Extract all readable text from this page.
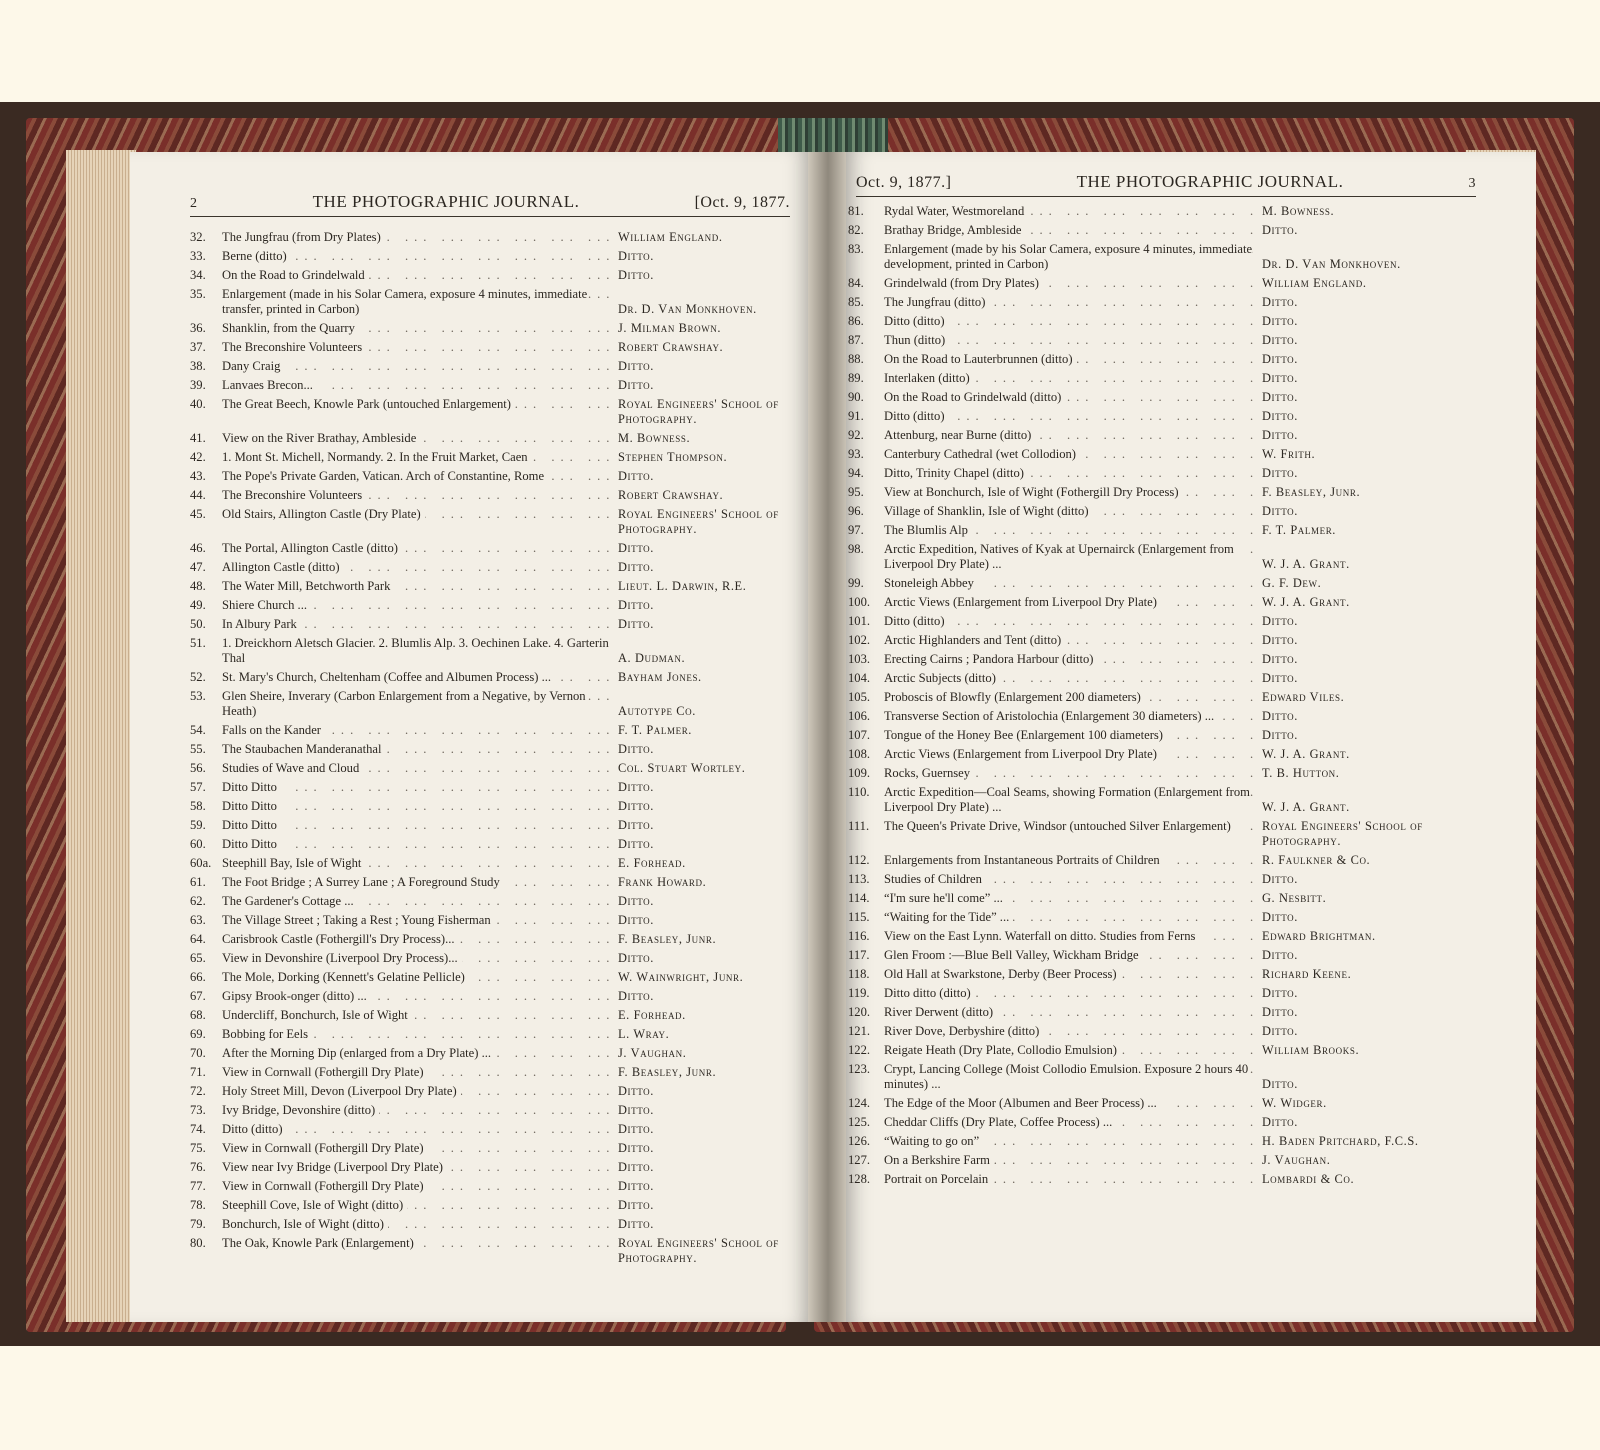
2	THE PHOTOGRAPHIC JOURNAL.	[Oct. 9, 1877.
32.	The Jungfrau (from Dry Plates) ... .	William England.
33.	Berne (ditto) ... .	Ditto.
34.	On the Road to Grindelwald ... .	Ditto.
35.	Enlargement (made in his Solar Camera, exposure 4 minutes, immediate transfer, printed in Carbon) ... .	Dr. D. Van Monkhoven.
36.	Shanklin, from the Quarry ... .	J. Milman Brown.
37.	The Breconshire Volunteers ... .	Robert Crawshay.
38.	Dany Craig ... .	Ditto.
39.	Lanvaes Brecon... ... .	Ditto.
40.	The Great Beech, Knowle Park (untouched Enlargement) ... .	Royal Engineers' School of Photography.
41.	View on the River Brathay, Ambleside ... .	M. Bowness.
42.	1. Mont St. Michell, Normandy. 2. In the Fruit Market, Caen ... .	Stephen Thompson.
43.	The Pope's Private Garden, Vatican. Arch of Constantine, Rome ... .	Ditto.
44.	The Breconshire Volunteers ... .	Robert Crawshay.
45.	Old Stairs, Allington Castle (Dry Plate) ... .	Royal Engineers' School of Photography.
46.	The Portal, Allington Castle (ditto) ... .	Ditto.
47.	Allington Castle (ditto) ... .	Ditto.
48.	The Water Mill, Betchworth Park ... .	Lieut. L. Darwin, R.E.
49.	Shiere Church ... ... .	Ditto.
50.	In Albury Park ... .	Ditto.
51.	1. Dreickhorn Aletsch Glacier. 2. Blumlis Alp. 3. Oechinen Lake. 4. Garterin Thal ... .	A. Dudman.
52.	St. Mary's Church, Cheltenham (Coffee and Albumen Process) ... ... .	Bayham Jones.
53.	Glen Sheire, Inverary (Carbon Enlargement from a Negative, by Vernon Heath) ... .	Autotype Co.
54.	Falls on the Kander ... .	F. T. Palmer.
55.	The Staubachen Manderanathal ... .	Ditto.
56.	Studies of Wave and Cloud ... .	Col. Stuart Wortley.
57.	Ditto Ditto ... .	Ditto.
58.	Ditto Ditto ... .	Ditto.
59.	Ditto Ditto ... .	Ditto.
60.	Ditto Ditto ... .	Ditto.
60a. Steephill Bay, Isle of Wight ... .	E. Forhead.
61.	The Foot Bridge ; A Surrey Lane ; A Foreground Study ... .	Frank Howard.
62.	The Gardener's Cottage ... ... .	Ditto.
63.	The Village Street ; Taking a Rest ; Young Fisherman ... .	Ditto.
64.	Carisbrook Castle (Fothergill's Dry Process)... ... .	F. Beasley, Junr.
65.	View in Devonshire (Liverpool Dry Process)... ... .	Ditto.
66.	The Mole, Dorking (Kennett's Gelatine Pellicle) ... .	W. Wainwright, Junr.
67.	Gipsy Brook-onger (ditto) ... ... .	Ditto.
68.	Undercliff, Bonchurch, Isle of Wight ... .	E. Forhead.
69.	Bobbing for Eels ... .	L. Wray.
70.	After the Morning Dip (enlarged from a Dry Plate) ... ... .	J. Vaughan.
71.	View in Cornwall (Fothergill Dry Plate) ... .	F. Beasley, Junr.
72.	Holy Street Mill, Devon (Liverpool Dry Plate) ... .	Ditto.
73.	Ivy Bridge, Devonshire (ditto) ... .	Ditto.
74.	Ditto (ditto) ... .	Ditto.
75.	View in Cornwall (Fothergill Dry Plate) ... .	Ditto.
76.	View near Ivy Bridge (Liverpool Dry Plate) ... .	Ditto.
77.	View in Cornwall (Fothergill Dry Plate) ... .	Ditto.
78.	Steephill Cove, Isle of Wight (ditto) ... .	Ditto.
79.	Bonchurch, Isle of Wight (ditto) ... .	Ditto.
80.	The Oak, Knowle Park (Enlargement) ... .	Royal Engineers' School of Photography.
Oct. 9, 1877.]	THE PHOTOGRAPHIC JOURNAL.	3
81.	Rydal Water, Westmoreland ... .	M. Bowness.
82.	Brathay Bridge, Ambleside ... .	Ditto.
83.	Enlargement (made by his Solar Camera, exposure 4 minutes, immediate development, printed in Carbon) ... .	Dr. D. Van Monkhoven.
84.	Grindelwald (from Dry Plates) ... .	William England.
85.	The Jungfrau (ditto) ... .	Ditto.
86.	Ditto (ditto) ... .	Ditto.
87.	Thun (ditto) ... .	Ditto.
88.	On the Road to Lauterbrunnen (ditto) ... .	Ditto.
89.	Interlaken (ditto) ... .	Ditto.
90.	On the Road to Grindelwald (ditto) ... .	Ditto.
91.	Ditto (ditto) ... .	Ditto.
92.	Attenburg, near Burne (ditto) ... .	Ditto.
93.	Canterbury Cathedral (wet Collodion) ... .	W. Frith.
94.	Ditto, Trinity Chapel (ditto) ... .	Ditto.
95.	View at Bonchurch, Isle of Wight (Fothergill Dry Process) ... .	F. Beasley, Junr.
96.	Village of Shanklin, Isle of Wight (ditto) ... .	Ditto.
97.	The Blumlis Alp ... .	F. T. Palmer.
98.	Arctic Expedition, Natives of Kyak at Upernairck (Enlargement from Liverpool Dry Plate) ... ... .	W. J. A. Grant.
99.	Stoneleigh Abbey ... .	G. F. Dew.
100.	Arctic Views (Enlargement from Liverpool Dry Plate) ... .	W. J. A. Grant.
101.	Ditto (ditto) ... .	Ditto.
102.	Arctic Highlanders and Tent (ditto) ... .	Ditto.
103.	Erecting Cairns ; Pandora Harbour (ditto) ... .	Ditto.
104.	Arctic Subjects (ditto) ... .	Ditto.
105.	Proboscis of Blowfly (Enlargement 200 diameters) ... .	Edward Viles.
106.	Transverse Section of Aristolochia (Enlargement 30 diameters) ... ... .	Ditto.
107.	Tongue of the Honey Bee (Enlargement 100 diameters) ... .	Ditto.
108.	Arctic Views (Enlargement from Liverpool Dry Plate) ... .	W. J. A. Grant.
109.	Rocks, Guernsey ... .	T. B. Hutton.
110.	Arctic Expedition—Coal Seams, showing Formation (Enlargement from Liverpool Dry Plate) ... ... .	W. J. A. Grant.
111.	The Queen's Private Drive, Windsor (untouched Silver Enlargement) ... .	Royal Engineers' School of Photography.
112.	Enlargements from Instantaneous Portraits of Children ... .	R. Faulkner & Co.
113.	Studies of Children ... .	Ditto.
114.	“I'm sure he'll come” ... ... .	G. Nesbitt.
115.	“Waiting for the Tide” ... ... .	Ditto.
116.	View on the East Lynn. Waterfall on ditto. Studies from Ferns ... .	Edward Brightman.
117.	Glen Froom :—Blue Bell Valley, Wickham Bridge ... .	Ditto.
118.	Old Hall at Swarkstone, Derby (Beer Process) ... .	Richard Keene.
119.	Ditto ditto (ditto) ... .	Ditto.
120.	River Derwent (ditto) ... .	Ditto.
121.	River Dove, Derbyshire (ditto) ... .	Ditto.
122.	Reigate Heath (Dry Plate, Collodio Emulsion) ... .	William Brooks.
123.	Crypt, Lancing College (Moist Collodio Emulsion. Exposure 2 hours 40 minutes) ... ... .	Ditto.
124.	The Edge of the Moor (Albumen and Beer Process) ... ... .	W. Widger.
125.	Cheddar Cliffs (Dry Plate, Coffee Process) ... ... .	Ditto.
126.	“Waiting to go on” ... .	H. Baden Pritchard, F.C.S.
127.	On a Berkshire Farm ... .	J. Vaughan.
128.	Portrait on Porcelain ... .	Lombardi & Co.
